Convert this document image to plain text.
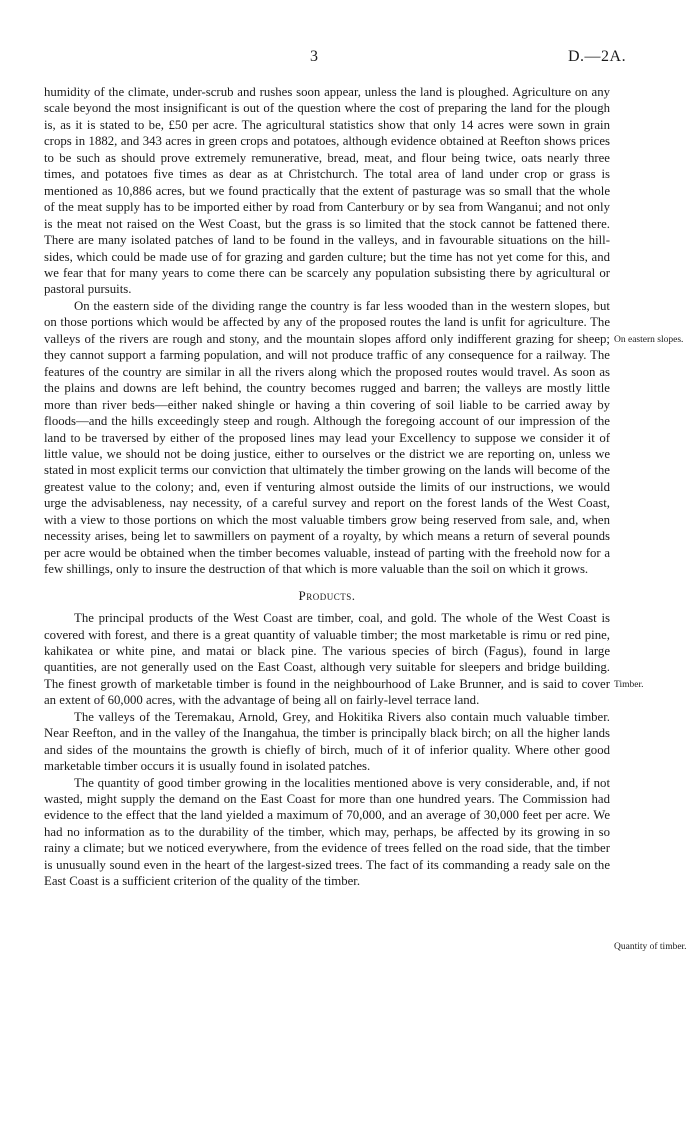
3	D.—2A.

humidity of the climate, under-scrub and rushes soon appear, unless the land is ploughed. Agriculture on any scale beyond the most insignificant is out of the question where the cost of preparing the land for the plough is, as it is stated to be, £50 per acre. The agricultural statistics show that only 14 acres were sown in grain crops in 1882, and 343 acres in green crops and potatoes, although evidence obtained at Reefton shows prices to be such as should prove extremely remunerative, bread, meat, and flour being twice, oats nearly three times, and potatoes five times as dear as at Christchurch. The total area of land under crop or grass is mentioned as 10,886 acres, but we found practically that the extent of pasturage was so small that the whole of the meat supply has to be imported either by road from Canterbury or by sea from Wanganui; and not only is the meat not raised on the West Coast, but the grass is so limited that the stock cannot be fattened there. There are many isolated patches of land to be found in the valleys, and in favourable situations on the hill-sides, which could be made use of for grazing and garden culture; but the time has not yet come for this, and we fear that for many years to come there can be scarcely any population subsisting there by agricultural or pastoral pursuits.

On the eastern side of the dividing range the country is far less wooded than in the western slopes, but on those portions which would be affected by any of the proposed routes the land is unfit for agriculture. The valleys of the rivers are rough and stony, and the mountain slopes afford only indifferent grazing for sheep; they cannot support a farming population, and will not produce traffic of any consequence for a railway. The features of the country are similar in all the rivers along which the proposed routes would travel. As soon as the plains and downs are left behind, the country becomes rugged and barren; the valleys are mostly little more than river beds—either naked shingle or having a thin covering of soil liable to be carried away by floods—and the hills exceedingly steep and rough. Although the foregoing account of our impression of the land to be traversed by either of the proposed lines may lead your Excellency to suppose we consider it of little value, we should not be doing justice, either to ourselves or the district we are reporting on, unless we stated in most explicit terms our conviction that ultimately the timber growing on the lands will become of the greatest value to the colony; and, even if venturing almost outside the limits of our instructions, we would urge the advisableness, nay necessity, of a careful survey and report on the forest lands of the West Coast, with a view to those portions on which the most valuable timbers grow being reserved from sale, and, when necessity arises, being let to sawmillers on payment of a royalty, by which means a return of several pounds per acre would be obtained when the timber becomes valuable, instead of parting with the freehold now for a few shillings, only to insure the destruction of that which is more valuable than the soil on which it grows.

Products.

The principal products of the West Coast are timber, coal, and gold. The whole of the West Coast is covered with forest, and there is a great quantity of valuable timber; the most marketable is rimu or red pine, kahikatea or white pine, and matai or black pine. The various species of birch (Fagus), found in large quantities, are not generally used on the East Coast, although very suitable for sleepers and bridge building. The finest growth of marketable timber is found in the neighbourhood of Lake Brunner, and is said to cover an extent of 60,000 acres, with the advantage of being all on fairly-level terrace land.

The valleys of the Teremakau, Arnold, Grey, and Hokitika Rivers also contain much valuable timber. Near Reefton, and in the valley of the Inangahua, the timber is principally black birch; on all the higher lands and sides of the mountains the growth is chiefly of birch, much of it of inferior quality. Where other good marketable timber occurs it is usually found in isolated patches.

The quantity of good timber growing in the localities mentioned above is very considerable, and, if not wasted, might supply the demand on the East Coast for more than one hundred years. The Commission had evidence to the effect that the land yielded a maximum of 70,000, and an average of 30,000 feet per acre. We had no information as to the durability of the timber, which may, perhaps, be affected by its growing in so rainy a climate; but we noticed everywhere, from the evidence of trees felled on the road side, that the timber is unusually sound even in the heart of the largest-sized trees. The fact of its commanding a ready sale on the East Coast is a sufficient criterion of the quality of the timber.

On eastern slopes.
Timber.
Quantity of timber.
